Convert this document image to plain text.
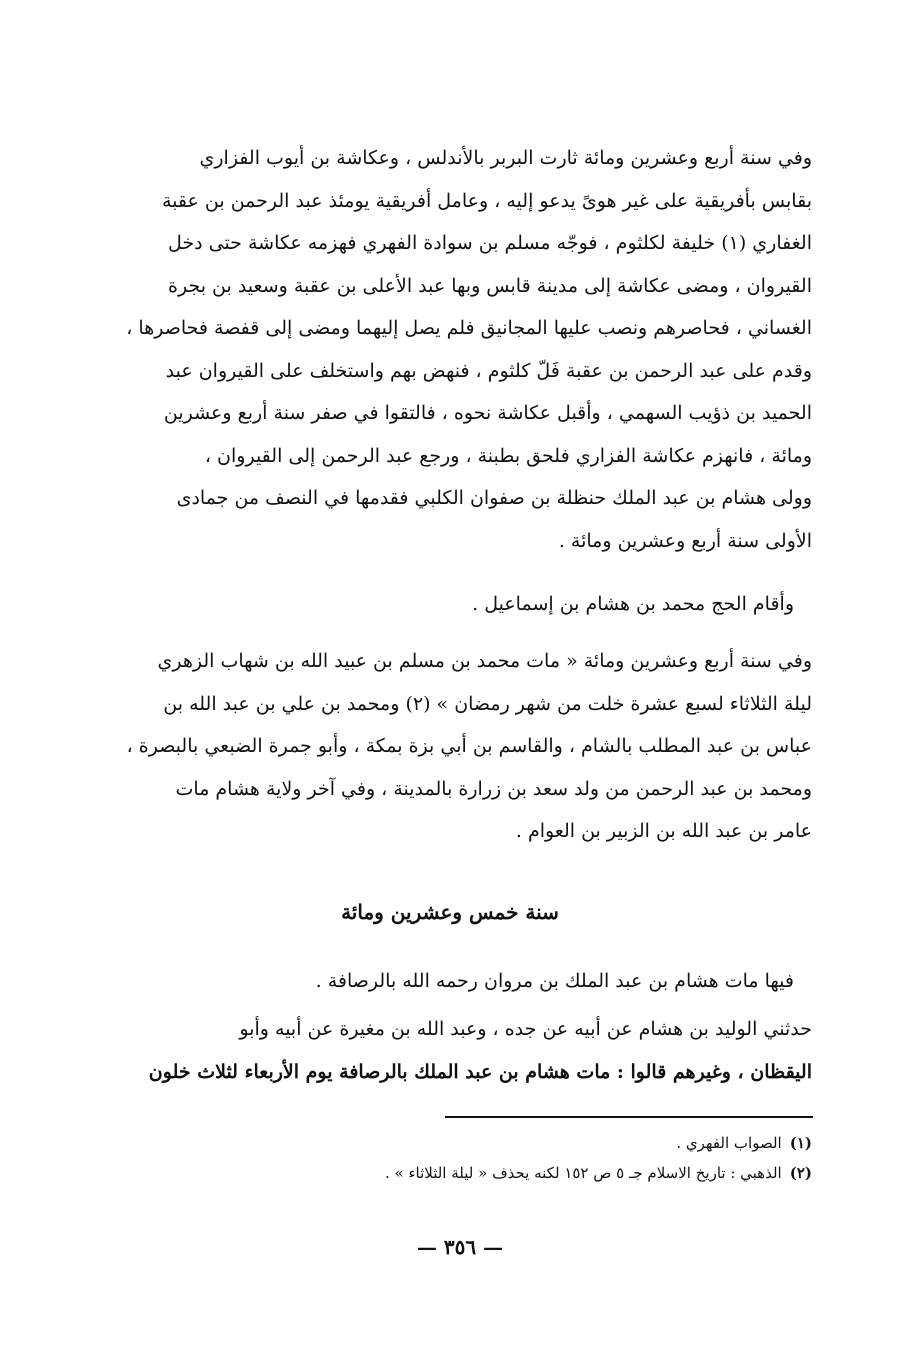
وفي سنة أربع وعشرين ومائة ثارت البربر بالأندلس ، وعكاشة بن أيوب الفزاري
بقابس بأفريقية على غير هوىً يدعو إليه ، وعامل أفريقية يومئذ عبد الرحمن بن عقبة
الغفاري (١) خليفة لكلثوم ، فوجّه مسلم بن سوادة الفهري فهزمه عكاشة حتى دخل
القيروان ، ومضى عكاشة إلى مدينة قابس وبها عبد الأعلى بن عقبة وسعيد بن بجرة
الغساني ، فحاصرهم ونصب عليها المجانيق فلم يصل إليهما ومضى إلى قفصة فحاصرها ،
وقدم على عبد الرحمن بن عقبة فَلّ كلثوم ، فنهض بهم واستخلف على القيروان عبد
الحميد بن ذؤيب السهمي ، وأقبل عكاشة نحوه ، فالتقوا في صفر سنة أربع وعشرين
ومائة ، فانهزم عكاشة الفزاري فلحق بطبنة ، ورجع عبد الرحمن إلى القيروان ،
وولى هشام بن عبد الملك حنظلة بن صفوان الكلبي فقدمها في النصف من جمادى
الأولى سنة أربع وعشرين ومائة .
وأقام الحج محمد بن هشام بن إسماعيل .
وفي سنة أربع وعشرين ومائة « مات محمد بن مسلم بن عبيد الله بن شهاب الزهري
ليلة الثلاثاء لسبع عشرة خلت من شهر رمضان » (٢) ومحمد بن علي بن عبد الله بن
عباس بن عبد المطلب بالشام ، والقاسم بن أبي بزة بمكة ، وأبو جمرة الضبعي بالبصرة ،
ومحمد بن عبد الرحمن من ولد سعد بن زرارة بالمدينة ، وفي آخر ولاية هشام مات
عامر بن عبد الله بن الزبير بن العوام .
سنة خمس وعشرين ومائة
فيها مات هشام بن عبد الملك بن مروان رحمه الله بالرصافة .
حدثني الوليد بن هشام عن أبيه عن جده ، وعبد الله بن مغيرة عن أبيه وأبو
اليقظان ، وغيرهم قالوا : مات هشام بن عبد الملك بالرصافة يوم الأربعاء لثلاث خلون
(١)الصواب الفهري .
(٢)الذهبي : تاريخ الاسلام جـ ٥ ص ١٥٢ لكنه يحذف « ليلة الثلاثاء » .
— ٣٥٦ —
